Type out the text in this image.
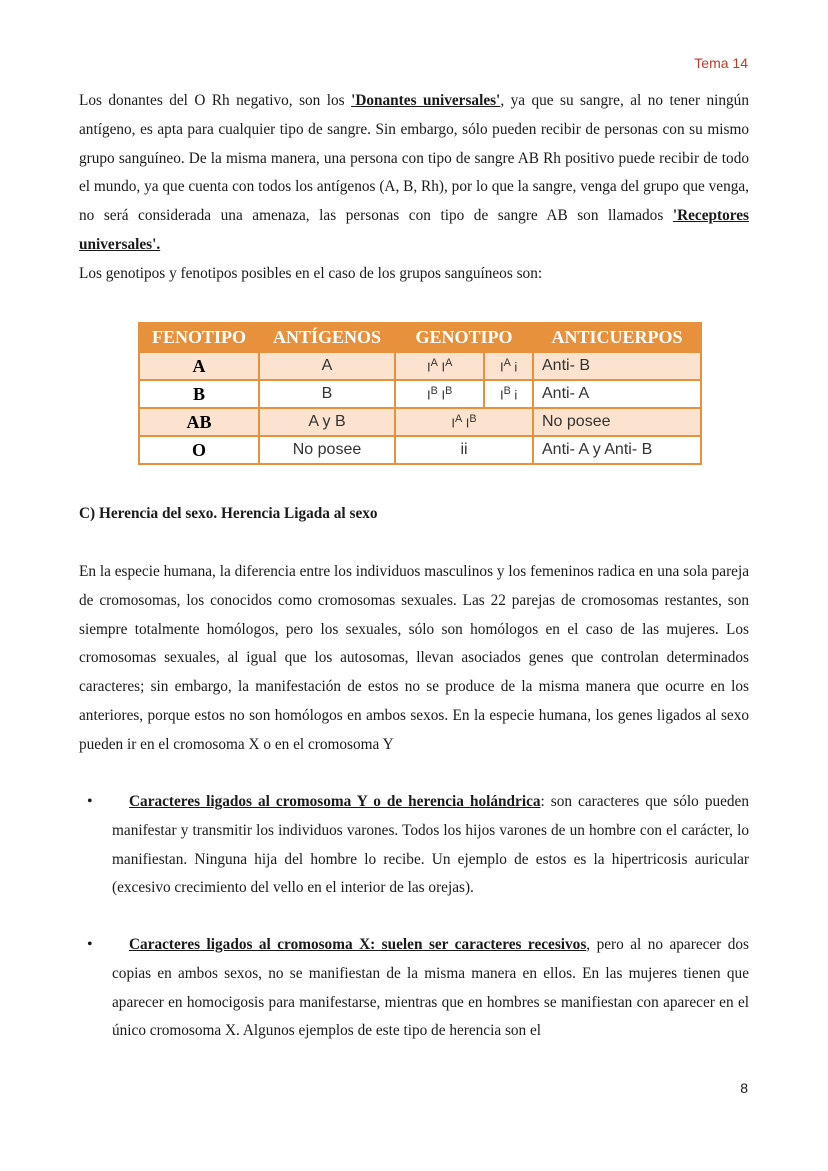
Tema 14
Los donantes del O Rh negativo, son los 'Donantes universales', ya que su sangre, al no tener ningún antígeno, es apta para cualquier tipo de sangre. Sin embargo, sólo pueden recibir de personas con su mismo grupo sanguíneo. De la misma manera, una persona con tipo de sangre AB Rh positivo puede recibir de todo el mundo, ya que cuenta con todos los antígenos (A, B, Rh), por lo que la sangre, venga del grupo que venga, no será considerada una amenaza, las personas con tipo de sangre AB son llamados 'Receptores universales'.

Los genotipos y fenotipos posibles en el caso de los grupos sanguíneos son:

FENOTIPO	ANTÍGENOS	GENOTIPO		ANTICUERPOS
A	A	$I^A$ $I^A$	$I^A$ i	Anti- B
B	B	$I^B$ $I^B$	$I^B$ i	Anti- A
AB	A y B	$I^A$ $I^B$		No posee
O	No posee	ii		Anti- A y Anti- B

C) Herencia del sexo. Herencia Ligada al sexo

En la especie humana, la diferencia entre los individuos masculinos y los femeninos radica en una sola pareja de cromosomas, los conocidos como cromosomas sexuales. Las 22 parejas de cromosomas restantes, son siempre totalmente homólogos, pero los sexuales, sólo son homólogos en el caso de las mujeres. Los cromosomas sexuales, al igual que los autosomas, llevan asociados genes que controlan determinados caracteres; sin embargo, la manifestación de estos no se produce de la misma manera que ocurre en los anteriores, porque estos no son homólogos en ambos sexos. En la especie humana, los genes ligados al sexo pueden ir en el cromosoma X o en el cromosoma Y

•	Caracteres ligados al cromosoma Y o de herencia holándrica: son caracteres que sólo pueden manifestar y transmitir los individuos varones. Todos los hijos varones de un hombre con el carácter, lo manifiestan. Ninguna hija del hombre lo recibe. Un ejemplo de estos es la hipertricosis auricular (excesivo crecimiento del vello en el interior de las orejas).
•	Caracteres ligados al cromosoma X: suelen ser caracteres recesivos, pero al no aparecer dos copias en ambos sexos, no se manifiestan de la misma manera en ellos. En las mujeres tienen que aparecer en homocigosis para manifestarse, mientras que en hombres se manifiestan con aparecer en el único cromosoma X. Algunos ejemplos de este tipo de herencia son el
8
